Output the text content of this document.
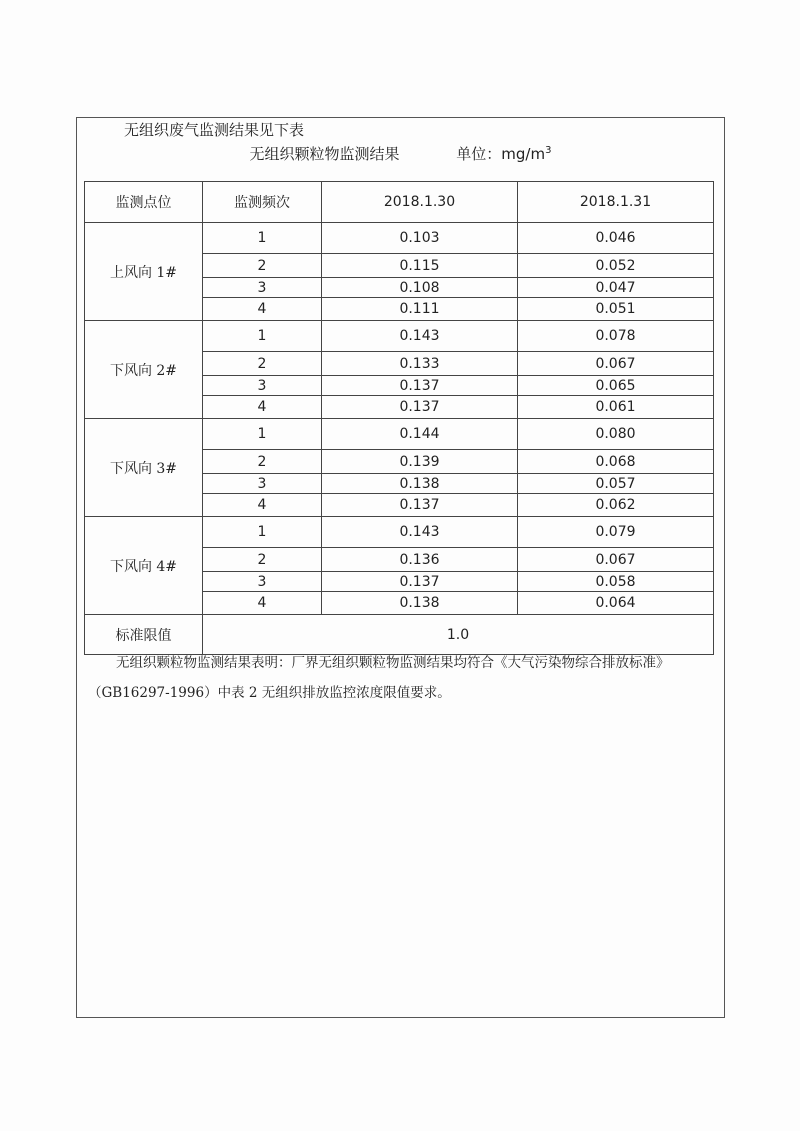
无组织废气监测结果见下表
无组织颗粒物监测结果	单位：$mg/m^3$
监测点位	监测频次	2018.1.30	2018.1.31
上风向 1#	1	0.103	0.046
	2	0.115	0.052
	3	0.108	0.047
	4	0.111	0.051
下风向 2#	1	0.143	0.078
	2	0.133	0.067
	3	0.137	0.065
	4	0.137	0.061
下风向 3#	1	0.144	0.080
	2	0.139	0.068
	3	0.138	0.057
	4	0.137	0.062
下风向 4#	1	0.143	0.079
	2	0.136	0.067
	3	0.137	0.058
	4	0.138	0.064
标准限值	1.0		

无组织颗粒物监测结果表明：厂界无组织颗粒物监测结果均符合《大气污染物综合排放标准》（GB16297-1996）中表 2 无组织排放监控浓度限值要求。
